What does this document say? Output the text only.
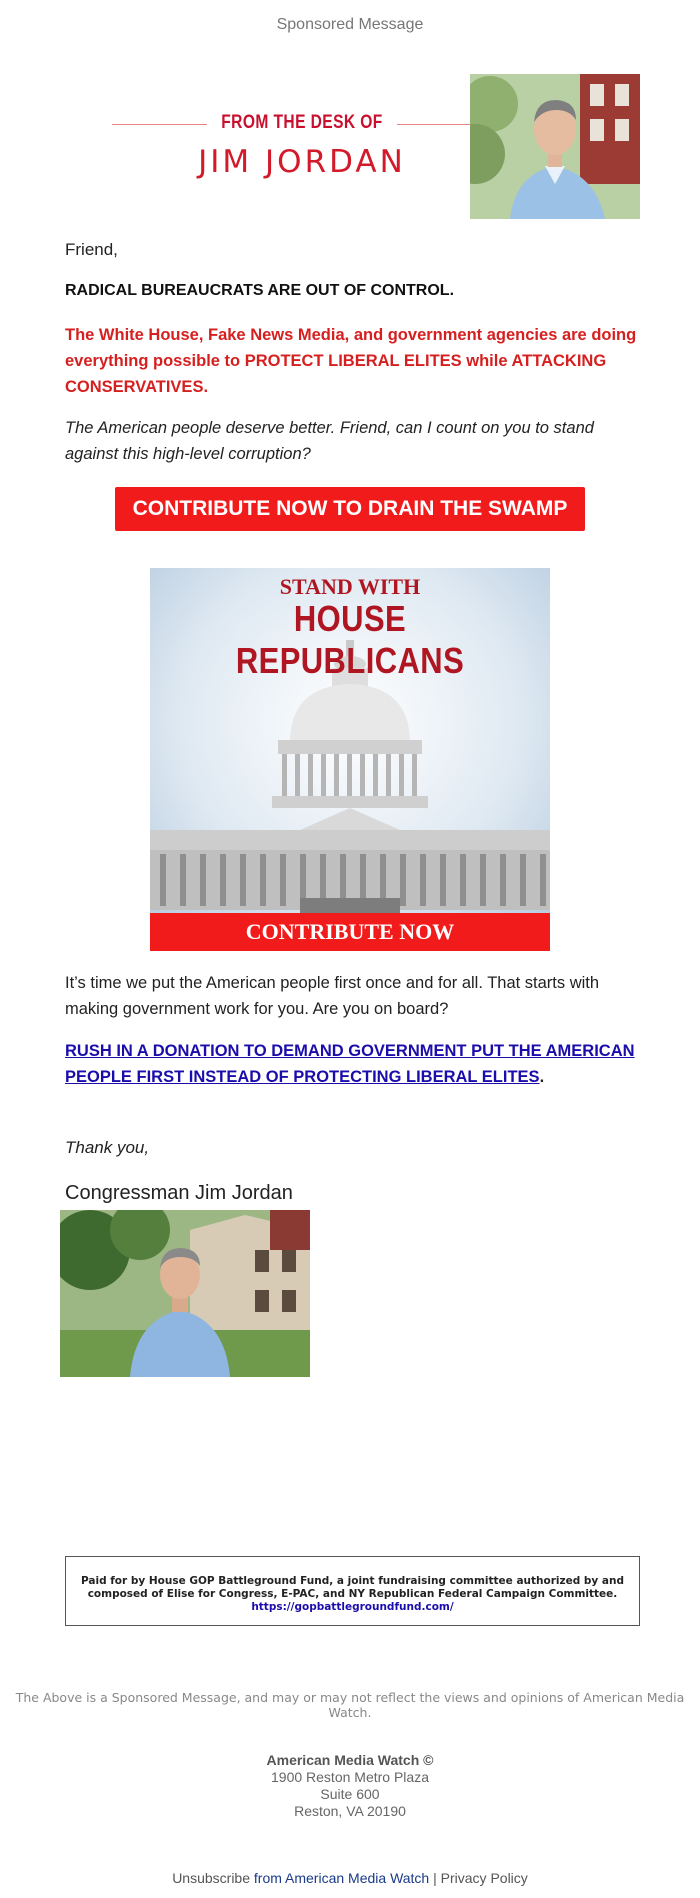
Sponsored Message
FROM THE DESK OF
JIM JORDAN
Friend,
RADICAL BUREAUCRATS ARE OUT OF CONTROL.
The White House, Fake News Media, and government agencies are doing everything possible to PROTECT LIBERAL ELITES while ATTACKING CONSERVATIVES.
The American people deserve better. Friend, can I count on you to stand against this high-level corruption?
CONTRIBUTE NOW TO DRAIN THE SWAMP
STAND WITH
HOUSE REPUBLICANS
CONTRIBUTE NOW
It’s time we put the American people first once and for all. That starts with making government work for you. Are you on board?
RUSH IN A DONATION TO DEMAND GOVERNMENT PUT THE AMERICAN PEOPLE FIRST INSTEAD OF PROTECTING LIBERAL ELITES.
Thank you,
Congressman Jim Jordan
Paid for by House GOP Battleground Fund, a joint fundraising committee authorized by and composed of Elise for Congress, E-PAC, and NY Republican Federal Campaign Committee.
https://gopbattlegroundfund.com/
The Above is a Sponsored Message, and may or may not reflect the views and opinions of American Media Watch.
American Media Watch ©
1900 Reston Metro Plaza
Suite 600
Reston, VA 20190
Unsubscribe from American Media Watch | Privacy Policy
